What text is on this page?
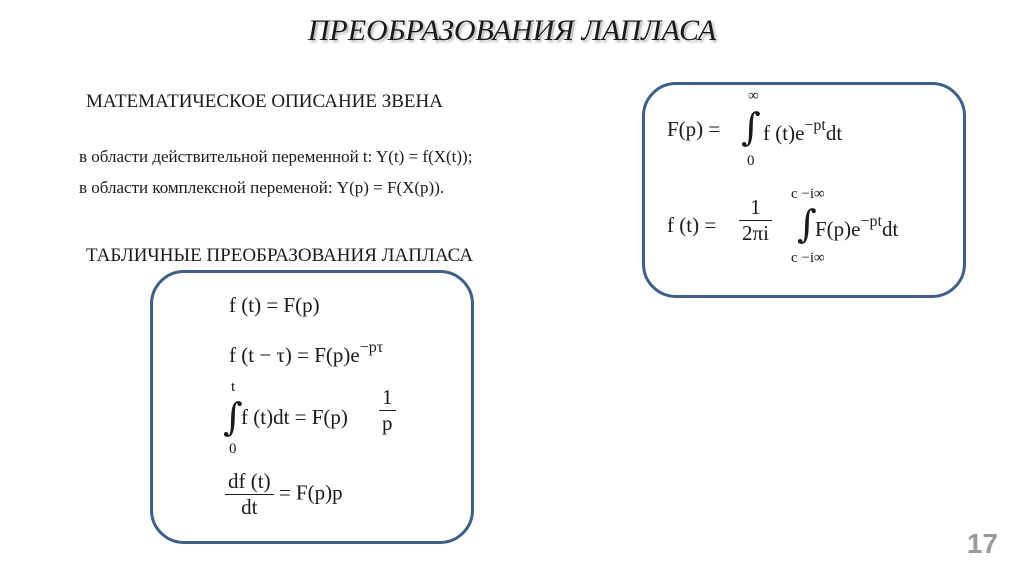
ПРЕОБРАЗОВАНИЯ ЛАПЛАСА
МАТЕМАТИЧЕСКОЕ ОПИСАНИЕ ЗВЕНА
в области действительной переменной t: Y(t) = f(X(t));
в области комплексной переменой: Y(p) = F(X(p)).
ТАБЛИЧНЫЕ ПРЕОБРАЗОВАНИЯ ЛАПЛАСА
F(p) =
∞
∫
0
f $(t)e^{-pt}dt$
f $(t) = \frac{1}{2\pi i}$
c −i∞
∫
c −i∞
$F(p)e^{-pt}dt$
f (t) = F(p)
f $(t - \tau) = F(p)e^{-p\tau}$
t
∫
0
f $(t)dt = F(p) \frac{1}{p}$
$\frac{df (t)}{dt} = F(p)p$
17
